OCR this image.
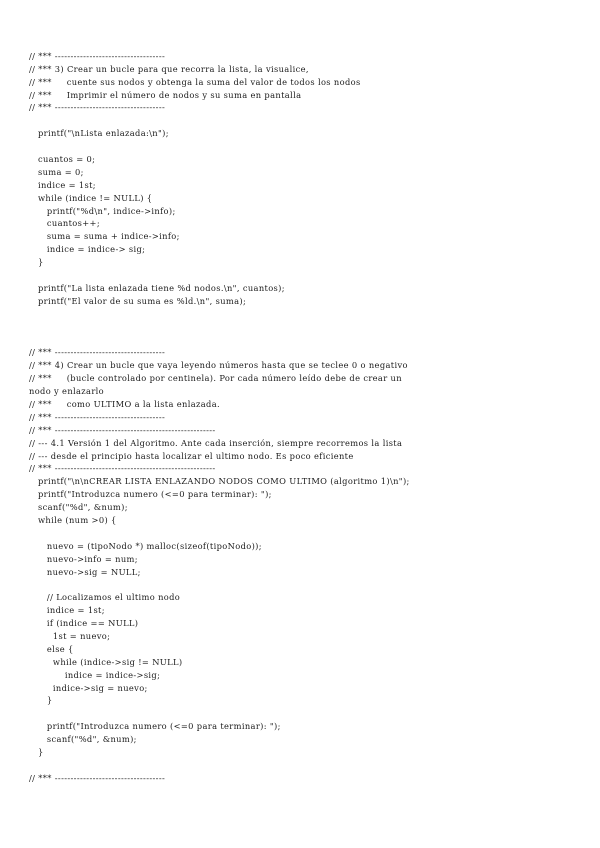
// *** -----------------------------------
// *** 3) Crear un bucle para que recorra la lista, la visualice,
// ***     cuente sus nodos y obtenga la suma del valor de todos los nodos
// ***     Imprimir el número de nodos y su suma en pantalla
// *** -----------------------------------
printf("\nLista enlazada:\n");
cuantos = 0;
suma = 0;
indice = 1st;
while (indice != NULL) {
printf("%d\n", indice->info);
cuantos++;
suma = suma + indice->info;
indice = indice-> sig;
}
printf("La lista enlazada tiene %d nodos.\n", cuantos);
printf("El valor de su suma es %ld.\n", suma);
// *** -----------------------------------
// *** 4) Crear un bucle que vaya leyendo números hasta que se teclee 0 o negativo
// ***     (bucle controlado por centinela). Por cada número leído debe de crear un
nodo y enlazarlo
// ***     como ULTIMO a la lista enlazada.
// *** -----------------------------------
// *** ---------------------------------------------------
// --- 4.1 Versión 1 del Algoritmo. Ante cada inserción, siempre recorremos la lista
// --- desde el principio hasta localizar el ultimo nodo. Es poco eficiente
// *** ---------------------------------------------------
printf("\n\nCREAR LISTA ENLAZANDO NODOS COMO ULTIMO (algoritmo 1)\n");
printf("Introduzca numero (<=0 para terminar): ");
scanf("%d", &num);
while (num >0) {
nuevo = (tipoNodo *) malloc(sizeof(tipoNodo));
nuevo->info = num;
nuevo->sig = NULL;
// Localizamos el ultimo nodo
indice = 1st;
if (indice == NULL)
1st = nuevo;
else {
while (indice->sig != NULL)
indice = indice->sig;
indice->sig = nuevo;
}
printf("Introduzca numero (<=0 para terminar): ");
scanf("%d", &num);
}
// *** -----------------------------------
